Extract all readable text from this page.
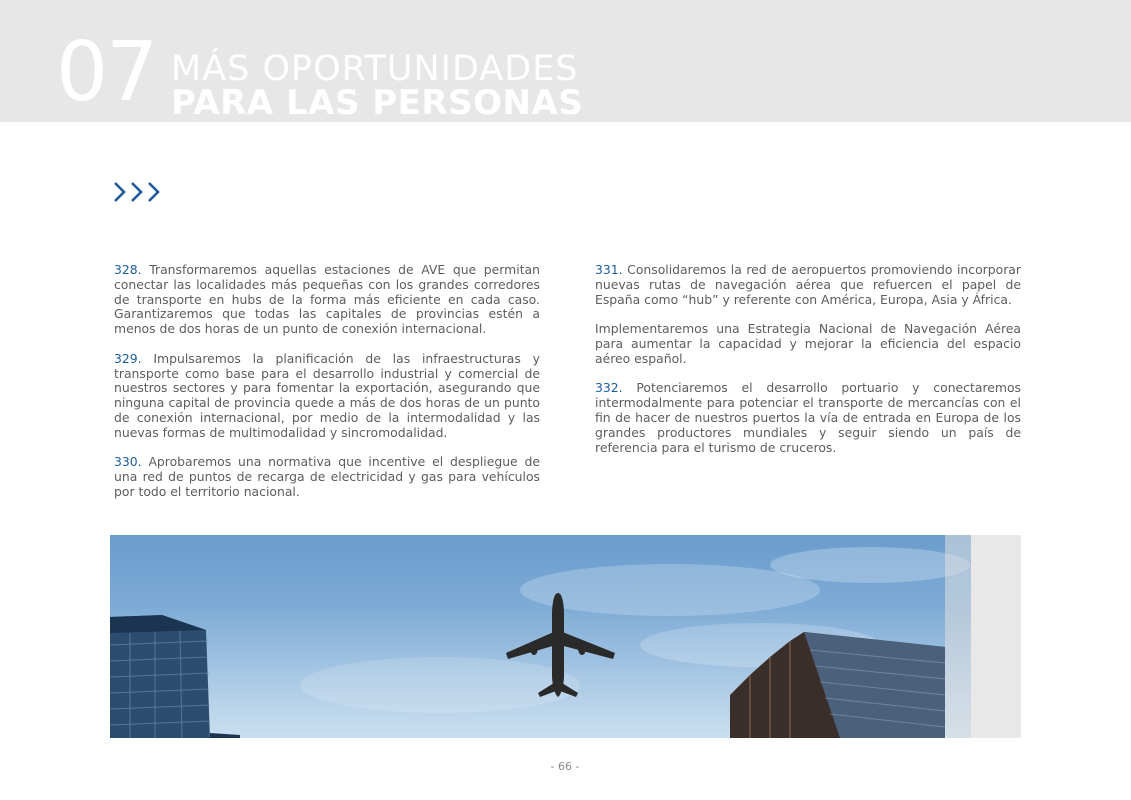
07 MÁS OPORTUNIDADES
PARA LAS PERSONAS

328. Transformaremos aquellas estaciones de AVE que permitan conectar las localidades más pequeñas con los grandes corredores de transporte en hubs de la forma más eficiente en cada caso. Garantizaremos que todas las capitales de provincias estén a menos de dos horas de un punto de conexión internacional.

329. Impulsaremos la planificación de las infraestructuras y transporte como base para el desarrollo industrial y comercial de nuestros sectores y para fomentar la exportación, asegurando que ninguna capital de provincia quede a más de dos horas de un punto de conexión internacional, por medio de la intermodalidad y las nuevas formas de multimodalidad y sincromodalidad.

330. Aprobaremos una normativa que incentive el despliegue de una red de puntos de recarga de electricidad y gas para vehículos por todo el territorio nacional.

331. Consolidaremos la red de aeropuertos promoviendo incorporar nuevas rutas de navegación aérea que refuercen el papel de España como “hub” y referente con América, Europa, Asia y África.

Implementaremos una Estrategia Nacional de Navegación Aérea para aumentar la capacidad y mejorar la eficiencia del espacio aéreo español.

332. Potenciaremos el desarrollo portuario y conectaremos intermodalmente para potenciar el transporte de mercancías con el fin de hacer de nuestros puertos la vía de entrada en Europa de los grandes productores mundiales y seguir siendo un país de referencia para el turismo de cruceros.

- 66 -
